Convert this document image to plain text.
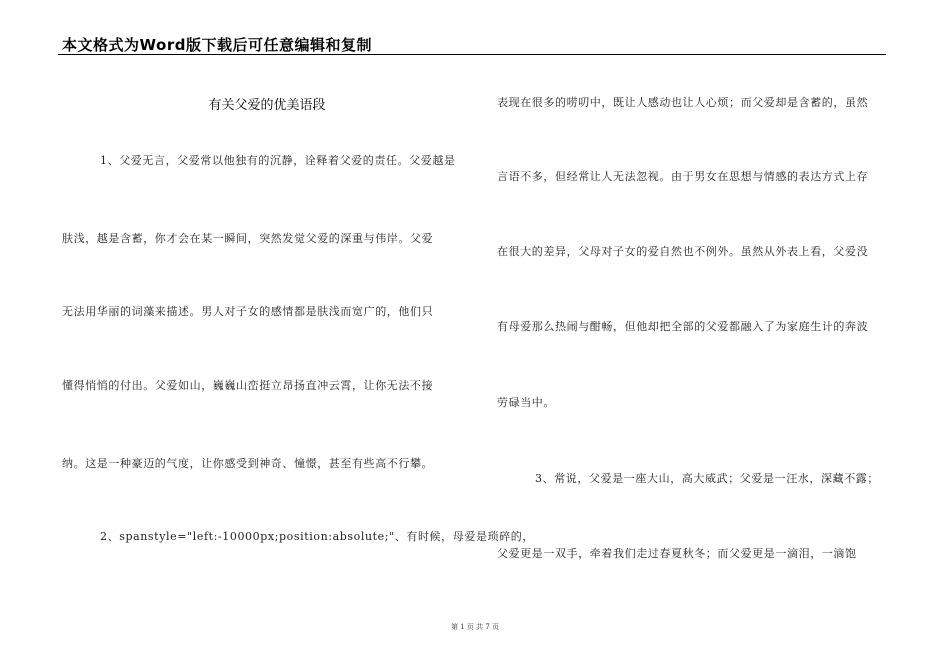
本文格式为Word版下载后可任意编辑和复制
有关父爱的优美语段
1、父爱无言，父爱常以他独有的沉静，诠释着父爱的责任。父爱越是
肤浅，越是含蓄，你才会在某一瞬间，突然发觉父爱的深重与伟岸。父爱
无法用华丽的词藻来描述。男人对子女的感情都是肤浅而宽广的，他们只
懂得悄悄的付出。父爱如山，巍巍山峦挺立昂扬直冲云霄，让你无法不接
纳。这是一种豪迈的气度，让你感受到神奇、憧憬，甚至有些高不行攀。
2、spanstyle="left:-10000px;position:absolute;"、有时候，母爱是琐碎的，
表现在很多的唠叨中，既让人感动也让人心烦；而父爱却是含蓄的，虽然
言语不多，但经常让人无法忽视。由于男女在思想与情感的表达方式上存
在很大的差异，父母对子女的爱自然也不例外。虽然从外表上看，父爱没
有母爱那么热闹与酣畅，但他却把全部的父爱都融入了为家庭生计的奔波
劳碌当中。
3、常说，父爱是一座大山，高大威武；父爱是一汪水，深藏不露；
父爱更是一双手，牵着我们走过春夏秋冬；而父爱更是一滴泪，一滴饱
第 1 页 共 7 页
